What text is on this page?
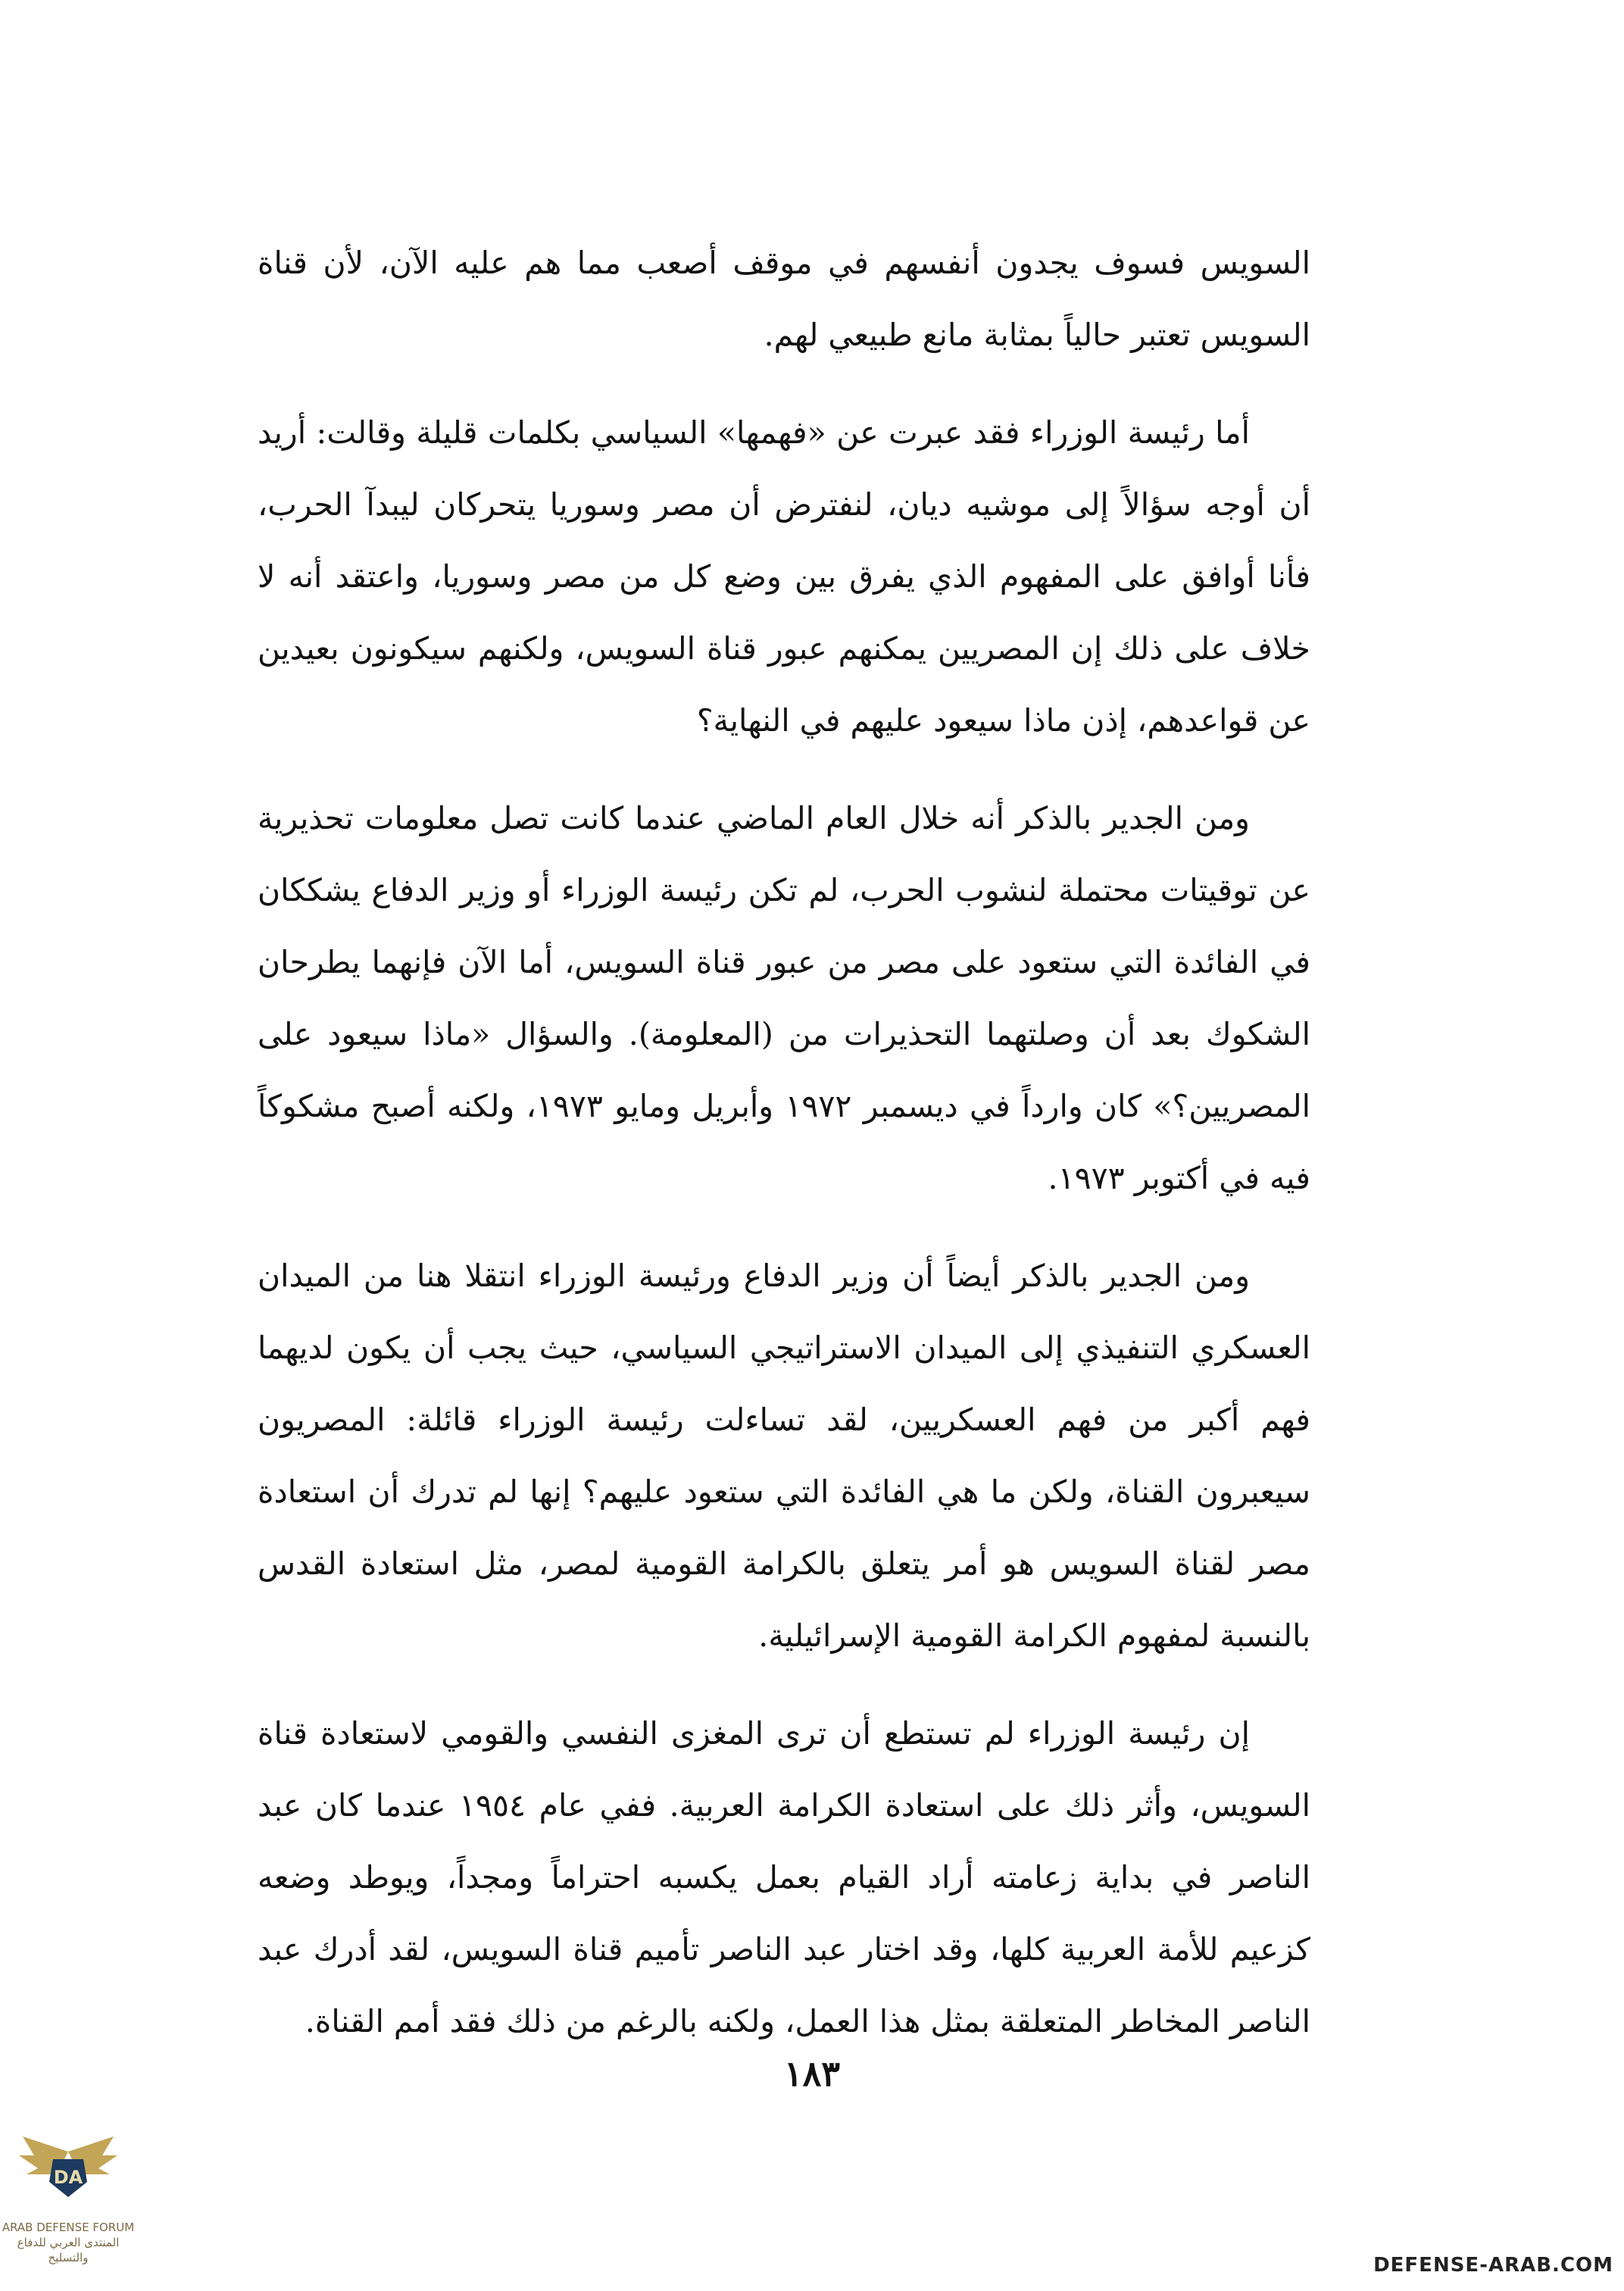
السويس فسوف يجدون أنفسهم في موقف أصعب مما هم عليه الآن، لأن قناة السويس تعتبر حالياً بمثابة مانع طبيعي لهم.

أما رئيسة الوزراء فقد عبرت عن «فهمها» السياسي بكلمات قليلة وقالت: أريد أن أوجه سؤالاً إلى موشيه ديان، لنفترض أن مصر وسوريا يتحركان ليبدآ الحرب، فأنا أوافق على المفهوم الذي يفرق بين وضع كل من مصر وسوريا، واعتقد أنه لا خلاف على ذلك إن المصريين يمكنهم عبور قناة السويس، ولكنهم سيكونون بعيدين عن قواعدهم، إذن ماذا سيعود عليهم في النهاية؟

ومن الجدير بالذكر أنه خلال العام الماضي عندما كانت تصل معلومات تحذيرية عن توقيتات محتملة لنشوب الحرب، لم تكن رئيسة الوزراء أو وزير الدفاع يشككان في الفائدة التي ستعود على مصر من عبور قناة السويس، أما الآن فإنهما يطرحان الشكوك بعد أن وصلتهما التحذيرات من (المعلومة). والسؤال «ماذا سيعود على المصريين؟» كان وارداً في ديسمبر ١٩٧٢ وأبريل ومايو ١٩٧٣، ولكنه أصبح مشكوكاً فيه في أكتوبر ١٩٧٣.

ومن الجدير بالذكر أيضاً أن وزير الدفاع ورئيسة الوزراء انتقلا هنا من الميدان العسكري التنفيذي إلى الميدان الاستراتيجي السياسي، حيث يجب أن يكون لديهما فهم أكبر من فهم العسكريين، لقد تساءلت رئيسة الوزراء قائلة: المصريون سيعبرون القناة، ولكن ما هي الفائدة التي ستعود عليهم؟ إنها لم تدرك أن استعادة مصر لقناة السويس هو أمر يتعلق بالكرامة القومية لمصر، مثل استعادة القدس بالنسبة لمفهوم الكرامة القومية الإسرائيلية.

إن رئيسة الوزراء لم تستطع أن ترى المغزى النفسي والقومي لاستعادة قناة السويس، وأثر ذلك على استعادة الكرامة العربية. ففي عام ١٩٥٤ عندما كان عبد الناصر في بداية زعامته أراد القيام بعمل يكسبه احتراماً ومجداً، ويوطد وضعه كزعيم للأمة العربية كلها، وقد اختار عبد الناصر تأميم قناة السويس، لقد أدرك عبد الناصر المخاطر المتعلقة بمثل هذا العمل، ولكنه بالرغم من ذلك فقد أمم القناة.

١٨٣
DA
ARAB DEFENSE FORUM
المنتدى العربي للدفاع والتسليح	DEFENSE-ARAB.COM
